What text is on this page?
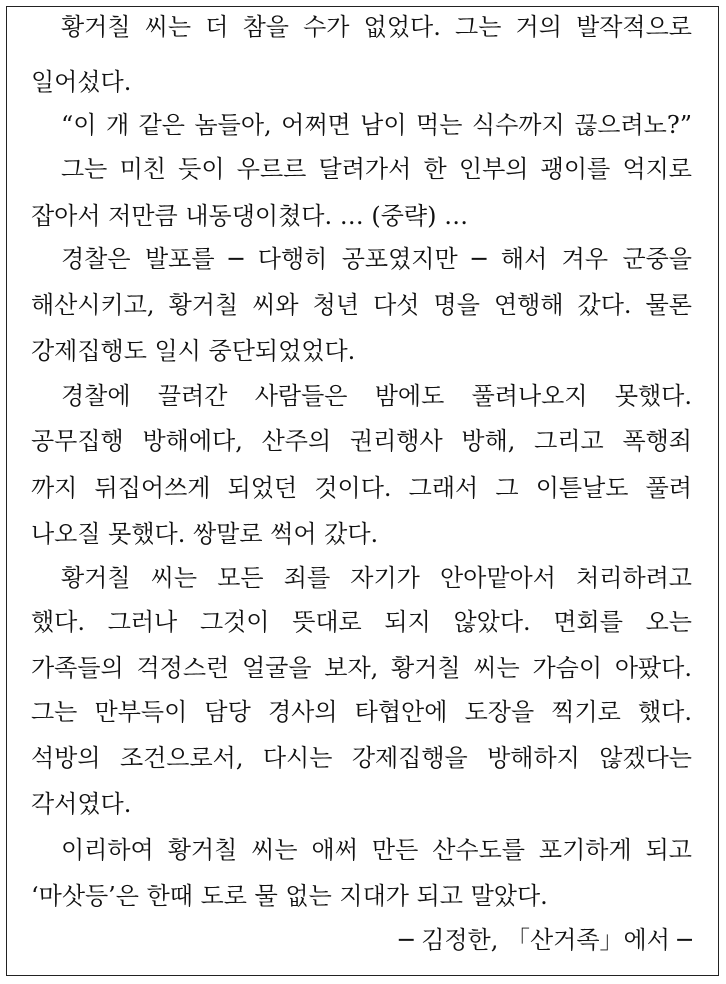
황거칠 씨는 더 참을 수가 없었다. 그는 거의 발작적으로
일어섰다.
“이 개 같은 놈들아, 어쩌면 남이 먹는 식수까지 끊으려노?”
그는 미친 듯이 우르르 달려가서 한 인부의 괭이를 억지로
잡아서 저만큼 내동댕이쳤다. … (중략) …
경찰은 발포를 ─ 다행히 공포였지만 ─ 해서 겨우 군중을
해산시키고, 황거칠 씨와 청년 다섯 명을 연행해 갔다. 물론
강제집행도 일시 중단되었었다.
경찰에 끌려간 사람들은 밤에도 풀려나오지 못했다.
공무집행 방해에다, 산주의 권리행사 방해, 그리고 폭행죄
까지 뒤집어쓰게 되었던 것이다. 그래서 그 이튿날도 풀려
나오질 못했다. 쌍말로 썩어 갔다.
황거칠 씨는 모든 죄를 자기가 안아맡아서 처리하려고
했다. 그러나 그것이 뜻대로 되지 않았다. 면회를 오는
가족들의 걱정스런 얼굴을 보자, 황거칠 씨는 가슴이 아팠다.
그는 만부득이 담당 경사의 타협안에 도장을 찍기로 했다.
석방의 조건으로서, 다시는 강제집행을 방해하지 않겠다는
각서였다.
이리하여 황거칠 씨는 애써 만든 산수도를 포기하게 되고
‘마삿등’은 한때 도로 물 없는 지대가 되고 말았다.
─ 김정한, 「산거족」에서 ─
